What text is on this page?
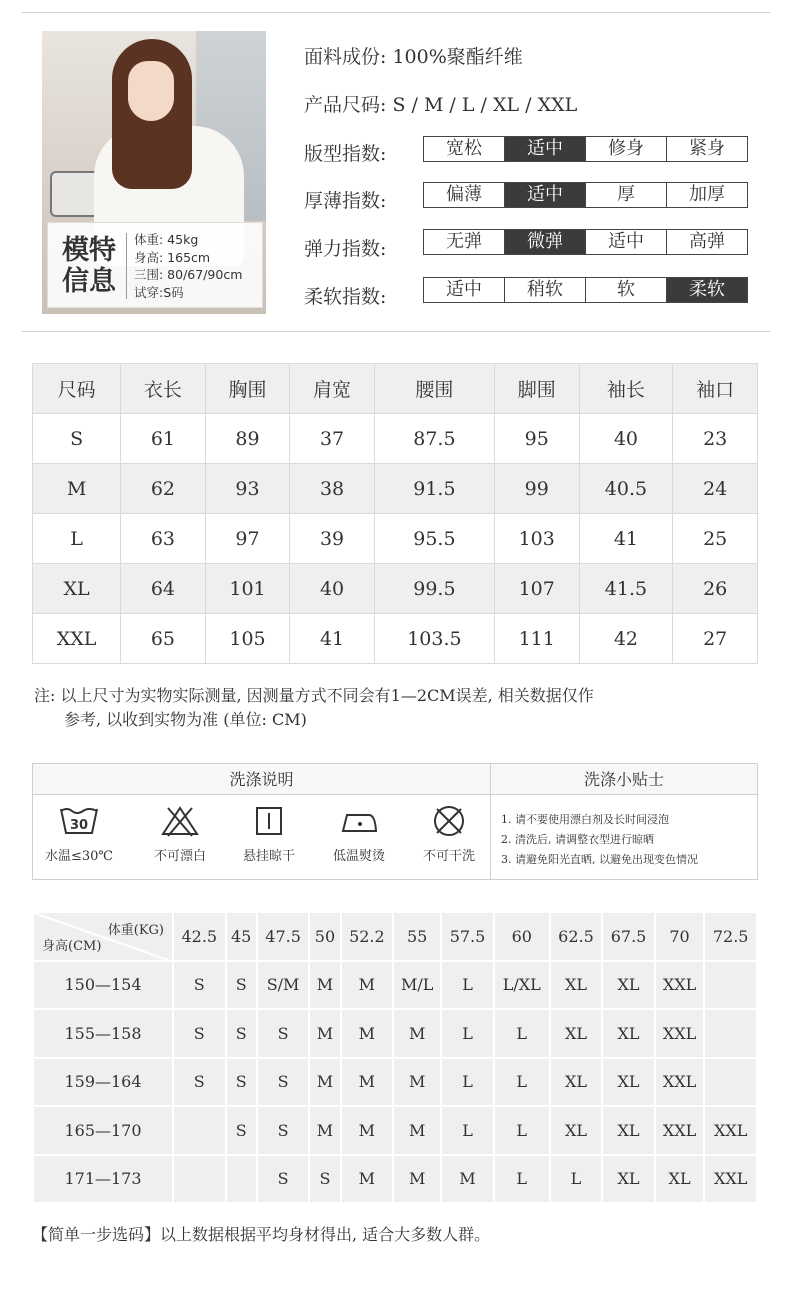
模特
信息
体重: 45kg
身高: 165cm
三围: 80/67/90cm
试穿:S码
面料成份: 100%聚酯纤维
产品尺码: S / M / L / XL / XXL
版型指数:	宽松	适中	修身	紧身
厚薄指数:	偏薄	适中	厚	加厚
弹力指数:	无弹	微弹	适中	高弹
柔软指数:	适中	稍软	软	柔软
尺码	衣长	胸围	肩宽	腰围	脚围	袖长	袖口
S	61	89	37	87.5	95	40	23
M	62	93	38	91.5	99	40.5	24
L	63	97	39	95.5	103	41	25
XL	64	101	40	99.5	107	41.5	26
XXL	65	105	41	103.5	111	42	27
注: 以上尺寸为实物实际测量, 因测量方式不同会有1—2CM误差, 相关数据仅作
参考, 以收到实物为准 (单位: CM)
洗涤说明	洗涤小贴士
30
水温≤30℃	不可漂白	悬挂晾干	低温熨烫	不可干洗
1. 请不要使用漂白剂及长时间浸泡
2. 清洗后, 请调整衣型进行晾晒
3. 请避免阳光直晒, 以避免出现变色情况
体重(KG)
身高(CM)	42.5	45	47.5	50	52.2	55	57.5	60	62.5	67.5	70	72.5
150—154	S	S	S/M	M	M	M/L	L	L/XL	XL	XL	XXL	
155—158	S	S	S	M	M	M	L	L	XL	XL	XXL	
159—164	S	S	S	M	M	M	L	L	XL	XL	XXL	
165—170		S	S	M	M	M	L	L	XL	XL	XXL	XXL
171—173			S	S	M	M	M	L	L	XL	XL	XXL
【简单一步选码】以上数据根据平均身材得出, 适合大多数人群。
